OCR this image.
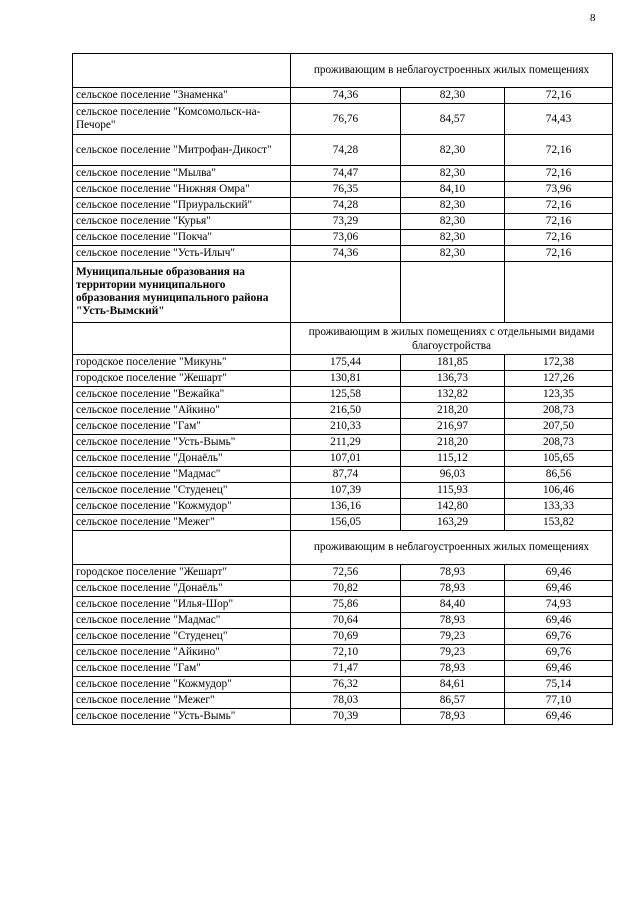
8
	проживающим в неблагоустроенных жилых помещениях		
сельское поселение "Знаменка"	74,36	82,30	72,16
сельское поселение "Комсомольск-на-Печоре"	76,76	84,57	74,43
сельское поселение "Митрофан-Дикост"	74,28	82,30	72,16
сельское поселение "Мылва"	74,47	82,30	72,16
сельское поселение "Нижняя Омра"	76,35	84,10	73,96
сельское поселение "Приуральский"	74,28	82,30	72,16
сельское поселение "Курья"	73,29	82,30	72,16
сельское поселение "Покча"	73,06	82,30	72,16
сельское поселение "Усть-Илыч"	74,36	82,30	72,16
Муниципальные образования на территории муниципального образования муниципального района "Усть-Вымский"			
	проживающим в жилых помещениях с отдельными видами благоустройства		
городское поселение "Микунь"	175,44	181,85	172,38
городское поселение "Жешарт"	130,81	136,73	127,26
сельское поселение "Вежайка"	125,58	132,82	123,35
сельское поселение "Айкино"	216,50	218,20	208,73
сельское поселение "Гам"	210,33	216,97	207,50
сельское поселение "Усть-Вымь"	211,29	218,20	208,73
сельское поселение "Донаёль"	107,01	115,12	105,65
сельское поселение "Мадмас"	87,74	96,03	86,56
сельское поселение "Студенец"	107,39	115,93	106,46
сельское поселение "Кожмудор"	136,16	142,80	133,33
сельское поселение "Межег"	156,05	163,29	153,82
	проживающим в неблагоустроенных жилых помещениях		
городское поселение "Жешарт"	72,56	78,93	69,46
сельское поселение "Донаёль"	70,82	78,93	69,46
сельское поселение "Илья-Шор"	75,86	84,40	74,93
сельское поселение "Мадмас"	70,64	78,93	69,46
сельское поселение "Студенец"	70,69	79,23	69,76
сельское поселение "Айкино"	72,10	79,23	69,76
сельское поселение "Гам"	71,47	78,93	69,46
сельское поселение "Кожмудор"	76,32	84,61	75,14
сельское поселение "Межег"	78,03	86,57	77,10
сельское поселение "Усть-Вымь"	70,39	78,93	69,46
